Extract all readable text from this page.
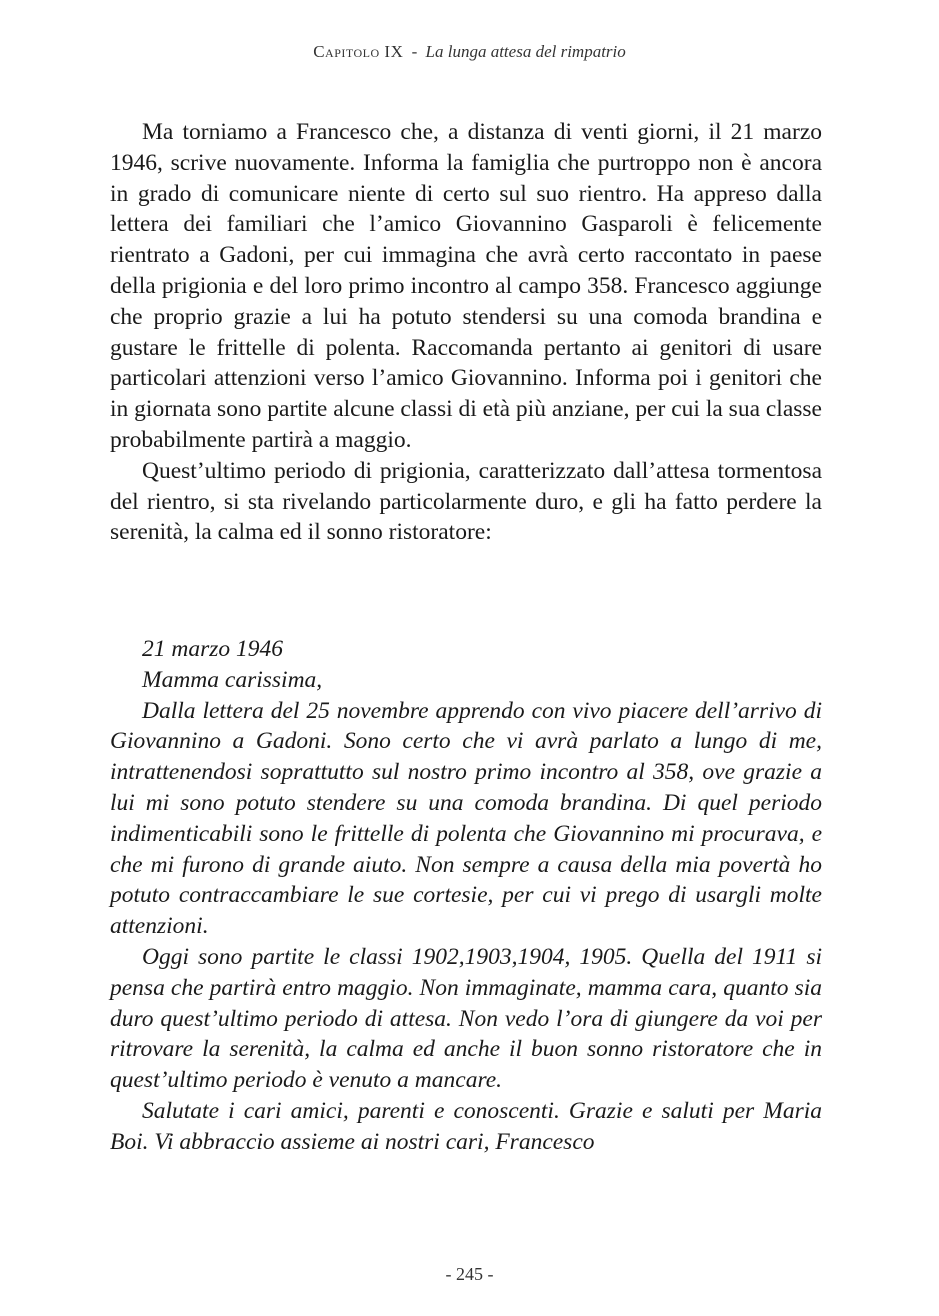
Capitolo IX - La lunga attesa del rimpatrio

Ma torniamo a Francesco che, a distanza di venti giorni, il 21 marzo 1946, scrive nuovamente. Informa la famiglia che purtroppo non è ancora in grado di comunicare niente di certo sul suo rientro. Ha appreso dalla lettera dei familiari che l’amico Giovannino Gasparoli è felicemente rientrato a Gadoni, per cui immagina che avrà certo raccontato in paese della prigionia e del loro primo incontro al campo 358. Francesco aggiunge che proprio grazie a lui ha potuto stendersi su una comoda brandina e gustare le frittelle di polenta. Raccomanda pertanto ai genitori di usare particolari attenzioni verso l’amico Giovannino. Informa poi i genitori che in giornata sono partite alcune classi di età più anziane, per cui la sua classe probabilmente partirà a maggio.

Quest’ultimo periodo di prigionia, caratterizzato dall’attesa tormentosa del rientro, si sta rivelando particolarmente duro, e gli ha fatto perdere la serenità, la calma ed il sonno ristoratore:

21 marzo 1946
Mamma carissima,

Dalla lettera del 25 novembre apprendo con vivo piacere dell’arrivo di Giovannino a Gadoni. Sono certo che vi avrà parlato a lungo di me, intrattenendosi soprattutto sul nostro primo incontro al 358, ove grazie a lui mi sono potuto stendere su una comoda brandina. Di quel periodo indimenticabili sono le frittelle di polenta che Giovannino mi procurava, e che mi furono di grande aiuto. Non sempre a causa della mia povertà ho potuto contraccambiare le sue cortesie, per cui vi prego di usargli molte attenzioni.

Oggi sono partite le classi 1902,1903,1904, 1905. Quella del 1911 si pensa che partirà entro maggio. Non immaginate, mamma cara, quanto sia duro quest’ultimo periodo di attesa. Non vedo l’ora di giungere da voi per ritrovare la serenità, la calma ed anche il buon sonno ristoratore che in quest’ultimo periodo è venuto a mancare.

Salutate i cari amici, parenti e conoscenti. Grazie e saluti per Maria Boi. Vi abbraccio assieme ai nostri cari, Francesco

- 245 -
